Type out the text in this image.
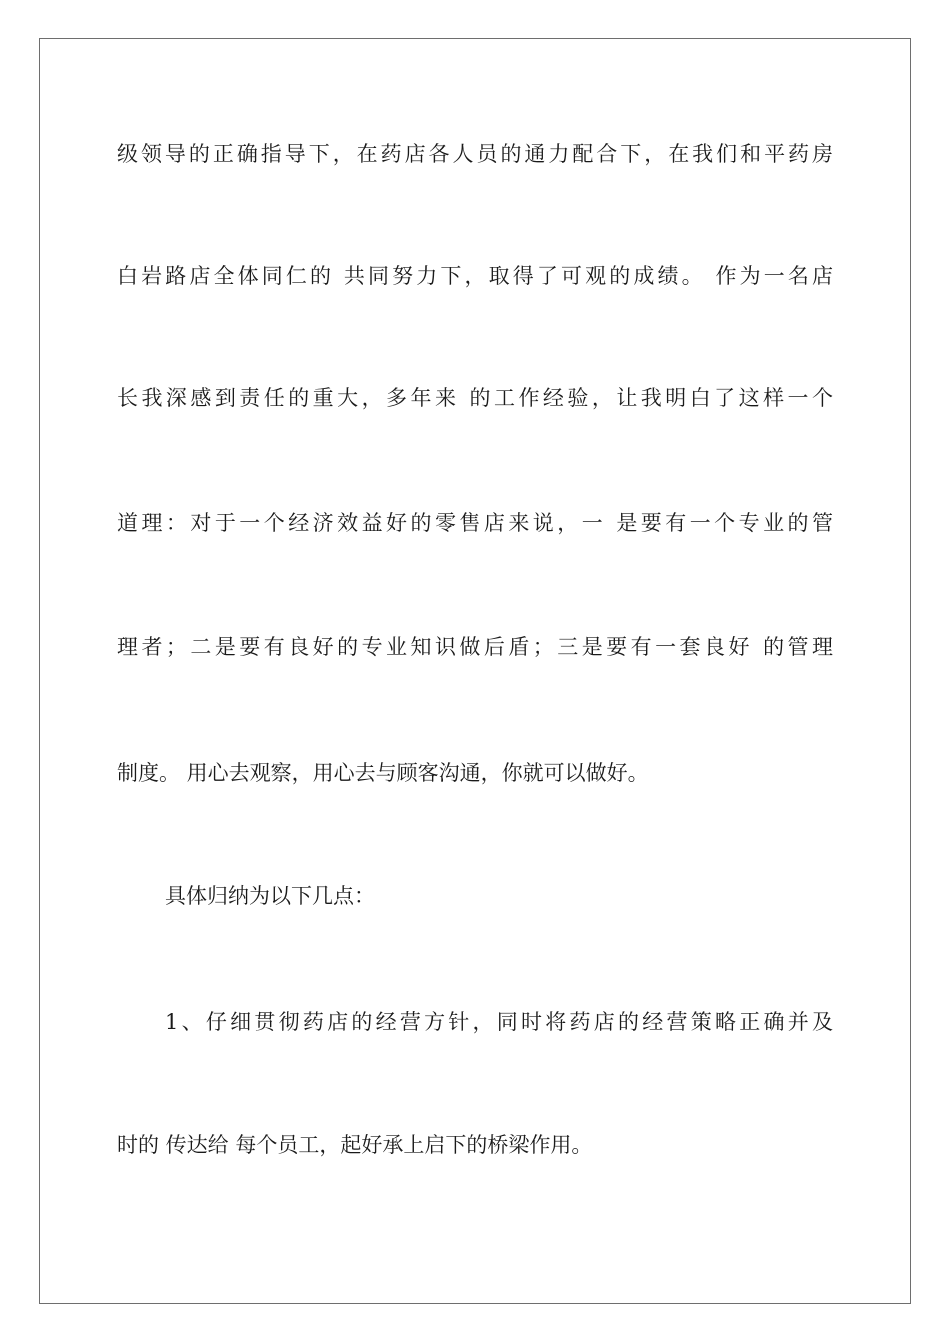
级领导的正确指导下，在药店各人员的通力配合下，在我们和平药房
白岩路店全体同仁的 共同努力下，取得了可观的成绩。 作为一名店
长我深感到责任的重大，多年来 的工作经验，让我明白了这样一个
道理：对于一个经济效益好的零售店来说，一 是要有一个专业的管
理者；二是要有良好的专业知识做后盾；三是要有一套良好 的管理
制度。 用心去观察，用心去与顾客沟通，你就可以做好。
具体归纳为以下几点：
1、仔细贯彻药店的经营方针，同时将药店的经营策略正确并及
时的 传达给 每个员工，起好承上启下的桥梁作用。
